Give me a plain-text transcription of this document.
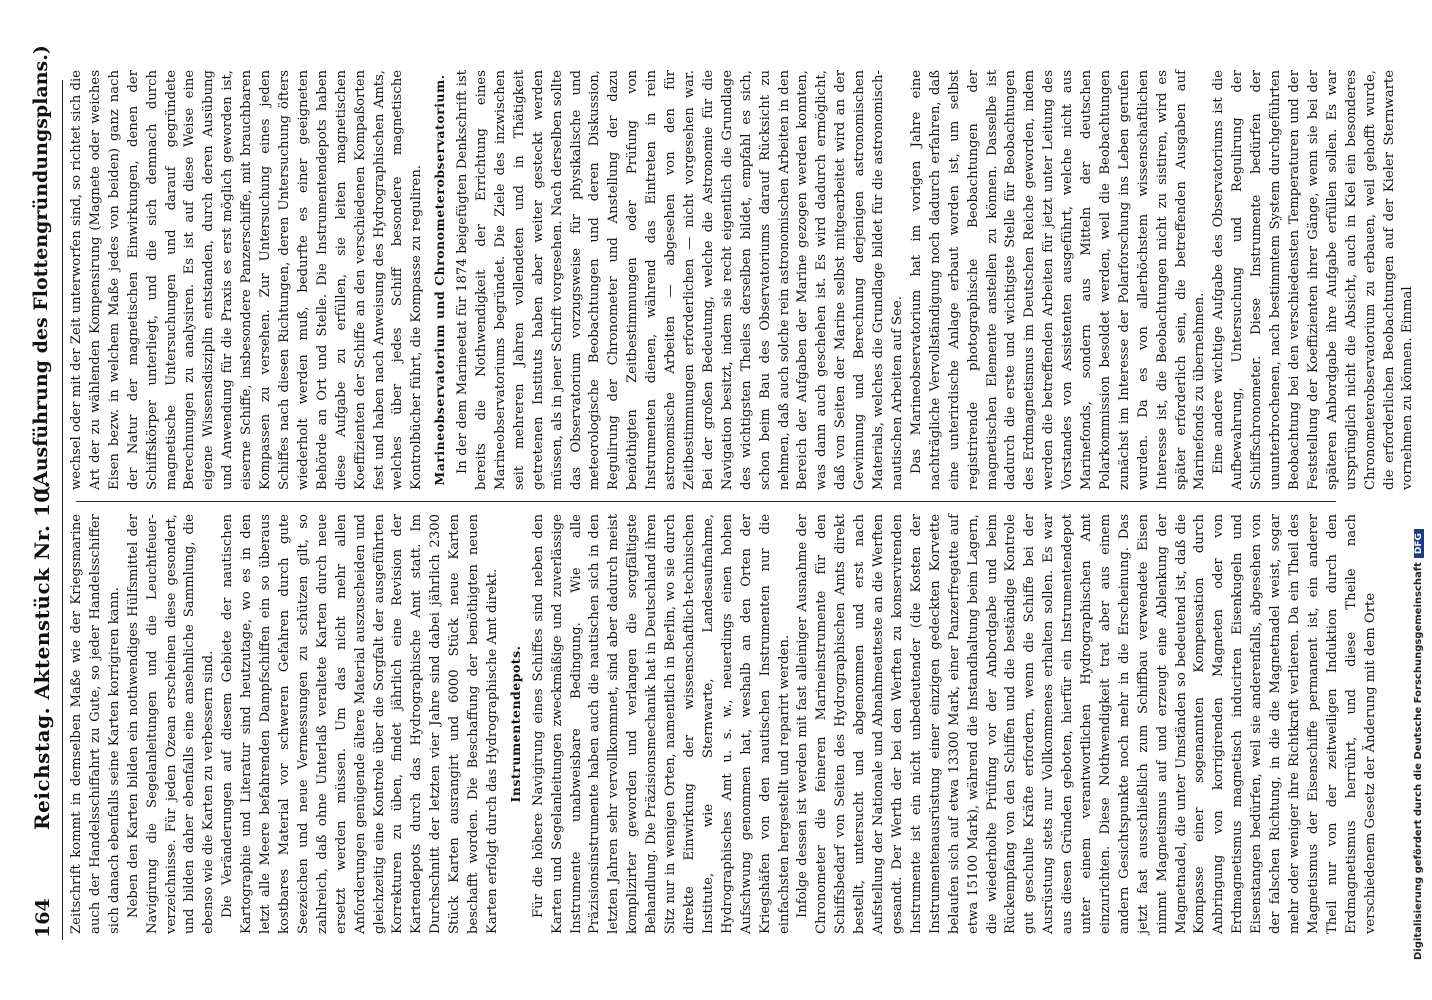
164
Reichstag. Aktenstück Nr. 10.
(Ausführung des Flottengründungsplans.)

Zeitschrift kommt in demselben Maße wie der Kriegsmarine auch der Handelsschiffahrt zu Gute, so jeder Handelsschiffer sich danach ebenfalls seine Karten korrigiren kann. Neben den Karten bilden ein nothwendiges Hülfsmittel der Navigirung die Segelanleitungen und die Leuchtfeuer-verzeichnisse. Für jeden Ozean erscheinen diese gesondert, und bilden daher ebenfalls eine ansehnliche Sammlung, die ebenso wie die Karten zu verbessern sind. Die Veränderungen auf diesem Gebiete der nautischen Kartographie und Literatur sind heutzutage, wo es in den letzt alle Meere befahrenden Dampfschiffen ein so überaus kostbares Material vor schweren Gefahren durch gute Seezeichen und neue Vermessungen zu schützen gilt, so zahlreich, daß ohne Unterlaß veraltete Karten durch neue ersetzt werden müssen. Um das nicht mehr allen Anforderungen genügende ältere Material auszuscheiden und gleichzeitig eine Kontrole über die Sorgfalt der ausgeführten Korrekturen zu üben, findet jährlich eine Revision der Kartendepots durch das Hydrographische Amt statt. Im Durchschnitt der letzten vier Jahre sind dabei jährlich 2300 Stück Karten ausrangirt und 6000 Stück neue Karten beschafft worden. Die Beschaffung der benöthigten neuen Karten erfolgt durch das Hydrographische Amt direkt. Instrumentendepots. Für die höhere Navigirung eines Schiffes sind neben den Karten und Segelanleitungen zweckmäßige und zuverlässige Instrumente unabweisbare Bedingung. Wie alle Präzisionsinstrumente haben auch die nautischen sich in den letzten Jahren sehr vervollkommnet, sind aber dadurch meist komplizirter geworden und verlangen die sorgfältigste Behandlung. Die Präzisionsmechanik hat in Deutschland ihren Sitz nur in wenigen Orten, namentlich in Berlin, wo sie durch direkte Einwirkung der wissenschaftlich-technischen Institute, wie Sternwarte, Landesaufnahme, Hydrographisches Amt u. s. w., neuerdings einen hohen Aufschwung genommen hat, weshalb an den Orten der Kriegshäfen von den nautischen Instrumenten nur die einfachsten hergestellt und reparirt werden. Infolge dessen ist werden mit fast alleiniger Ausnahme der Chronometer die feineren Marineinstrumente für den Schiffsbedarf von Seiten des Hydrographischen Amts direkt bestellt, untersucht und abgenommen und erst nach Aufstellung der Nationale und Abnahmeatteste an die Werften gesandt. Der Werth der bei den Werften zu konservirenden Instrumente ist ein nicht unbedeutender (die Kosten der Instrumentenausrüstung einer einzigen gedeckten Korvette belaufen sich auf etwa 13300 Mark, einer Panzerfregatte auf etwa 15100 Mark), während die Instandhaltung beim Lagern, die wiederholte Prüfung vor der Anbordgabe und beim Rückempfang von den Schiffen und die beständige Kontrole gut geschulte Kräfte erfordern, wenn die Schiffe bei der Ausrüstung stets nur Vollkommenes erhalten sollen. Es war aus diesen Gründen geboten, hierfür ein Instrumentendepot unter einem verantwortlichen Hydrographischen Amt einzurichten. Diese Nothwendigkeit trat aber aus einem andern Gesichtspunkte noch mehr in die Erscheinung. Das jetzt fast ausschließlich zum Schiffbau verwendete Eisen nimmt Magnetismus auf und erzeugt eine Ablenkung der Magnetnadel, die unter Umständen so bedeutend ist, daß die Kompasse einer sogenannten Kompensation durch Anbringung von korrigirenden Magneten oder von Erdmagnetismus magnetisch inducirten Eisenkugeln und Eisenstangen bedürfen, weil sie anderenfalls, abgesehen von der falschen Richtung, in die die Magnetnadel weist, sogar mehr oder weniger ihre Richtkraft verlieren. Da ein Theil des Magnetismus der Eisenschiffe permanent ist, ein anderer Theil nur von der zeitweiligen Induktion durch den Erdmagnetismus herrührt, und diese Theile nach verschiedenem Gesetz der Änderung mit dem Orte

wechsel oder mit der Zeit unterworfen sind, so richtet sich die Art der zu wählenden Kompensirung (Magnete oder weiches Eisen bezw. in welchem Maße jedes von beiden) ganz nach der Natur der magnetischen Einwirkungen, denen der Schiffskörper unterliegt, und die sich demnach durch magnetische Untersuchungen und darauf gegründete Berechnungen zu analysiren. Es ist auf diese Weise eine eigene Wissensdisziplin entstanden, durch deren Ausübung und Anwendung für die Praxis es erst möglich geworden ist, eiserne Schiffe, insbesondere Panzerschiffe, mit brauchbaren Kompassen zu versehen. Zur Untersuchung eines jeden Schiffes nach diesen Richtungen, deren Untersuchung öfters wiederholt werden muß, bedurfte es einer geeigneten Behörde an Ort und Stelle. Die Instrumentendepots haben diese Aufgabe zu erfüllen, sie leiten magnetischen Koeffizienten der Schiffe an den verschiedenen Kompaßorten fest und haben nach Anweisung des Hydrographischen Amts, welches über jedes Schiff besondere magnetische Kontrolbücher führt, die Kompasse zu reguliren. Marineobservatorium und Chronometerobservatorium. In der dem Marineetat für 1874 beigefügten Denkschrift ist bereits die Nothwendigkeit der Errichtung eines Marineobservatoriums begründet. Die Ziele des inzwischen seit mehreren Jahren vollendeten und in Thätigkeit getretenen Instituts haben aber weiter gesteckt werden müssen, als in jener Schrift vorgesehen. Nach derselben sollte das Observatorium vorzugsweise für physikalische und meteorologische Beobachtungen und deren Diskussion, Regulirung der Chronometer und Anstellung der dazu benöthigten Zeitbestimmungen oder Prüfung von Instrumenten dienen, während das Eintreten in rein astronomische Arbeiten — abgesehen von den für Zeitbestimmungen erforderlichen — nicht vorgesehen war. Bei der großen Bedeutung, welche die Astronomie für die Navigation besitzt, indem sie recht eigentlich die Grundlage des wichtigsten Theiles derselben bildet, empfahl es sich, schon beim Bau des Observatoriums darauf Rücksicht zu nehmen, daß auch solche rein astronomischen Arbeiten in den Bereich der Aufgaben der Marine gezogen werden konnten, was dann auch geschehen ist. Es wird dadurch ermöglicht, daß von Seiten der Marine selbst mitgearbeitet wird an der Gewinnung und Berechnung derjenigen astronomischen Materials, welches die Grundlage bildet für die astronomisch-nautischen Arbeiten auf See. Das Marineobservatorium hat im vorigen Jahre eine nachträgliche Vervollständigung noch dadurch erfahren, daß eine unterirdische Anlage erbaut worden ist, um selbst registrirende photographische Beobachtungen der magnetischen Elemente anstellen zu können. Dasselbe ist dadurch die erste und wichtigste Stelle für Beobachtungen des Erdmagnetismus im Deutschen Reiche geworden, indem werden die betreffenden Arbeiten für jetzt unter Leitung des Vorstandes von Assistenten ausgeführt, welche nicht aus Marinefonds, sondern aus Mitteln der deutschen Polarkommission besoldet werden, weil die Beobachtungen zunächst im Interesse der Polarforschung ins Leben gerufen wurden. Da es von allerhöchstem wissenschaftlichen Interesse ist, die Beobachtungen nicht zu sistiren, wird es später erforderlich sein, die betreffenden Ausgaben auf Marinefonds zu übernehmen. Eine andere wichtige Aufgabe des Observatoriums ist die Aufbewahrung, Untersuchung und Regulirung der Schiffschronometer. Diese Instrumente bedürfen der ununterbrochenen, nach bestimmtem System durchgeführten Beobachtung bei den verschiedensten Temperaturen und der Feststellung der Koeffizienten ihrer Gänge, wenn sie bei der späteren Anbordgabe ihre Aufgabe erfüllen sollen. Es war ursprünglich nicht die Absicht, auch in Kiel ein besonderes Chronometerobservatorium zu erbauen, weil gehofft wurde, die erforderlichen Beobachtungen auf der Kieler Sternwarte vornehmen zu können. Einmal

Digitalisierung gefördert durch die Deutsche ForschungsgemeinschaftDFG
